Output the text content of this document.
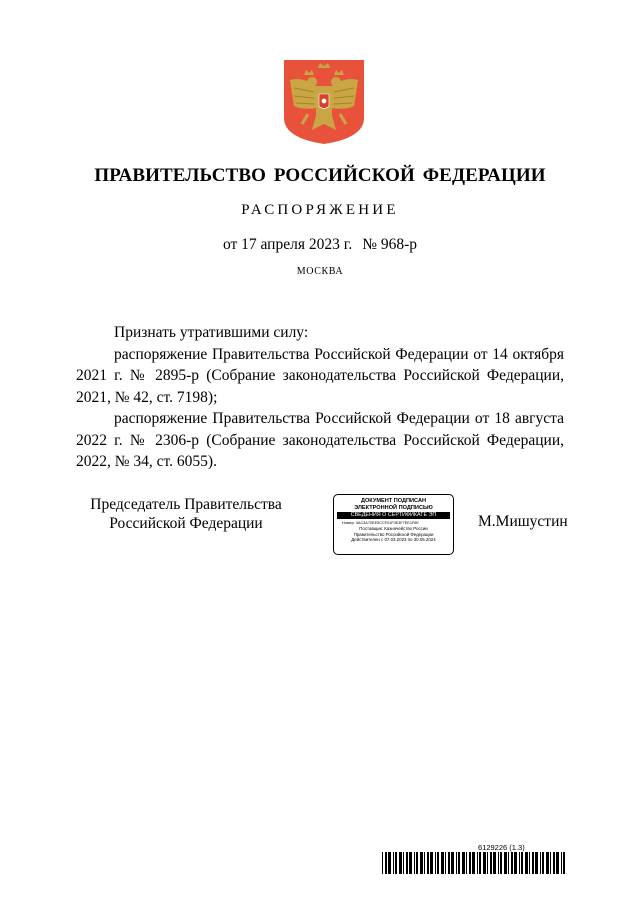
ПРАВИТЕЛЬСТВО РОССИЙСКОЙ ФЕДЕРАЦИИ
РАСПОРЯЖЕНИЕ
от 17 апреля 2023 г. № 968-р
МОСКВА

Признать утратившими силу:

распоряжение Правительства Российской Федерации от 14 октября 2021 г. № 2895-р (Собрание законодательства Российской Федерации, 2021, № 42, ст. 7198);

распоряжение Правительства Российской Федерации от 18 августа 2022 г. № 2306-р (Собрание законодательства Российской Федерации, 2022, № 34, ст. 6055).

Председатель Правительства
Российской Федерации
ДОКУМЕНТ ПОДПИСАН
ЭЛЕКТРОННОЙ ПОДПИСЬЮ
СВЕДЕНИЯ О СЕРТИФИКАТЕ ЭП
Номер: 3AC3A70EE5CCF01F0E3F7EE1F6E
Поставщик: Казначейство России
Правительство Российской Федерации
Действителен с 07.03.2023 по 30.05.2024
М.Мишустин
6129226 (1.3)
